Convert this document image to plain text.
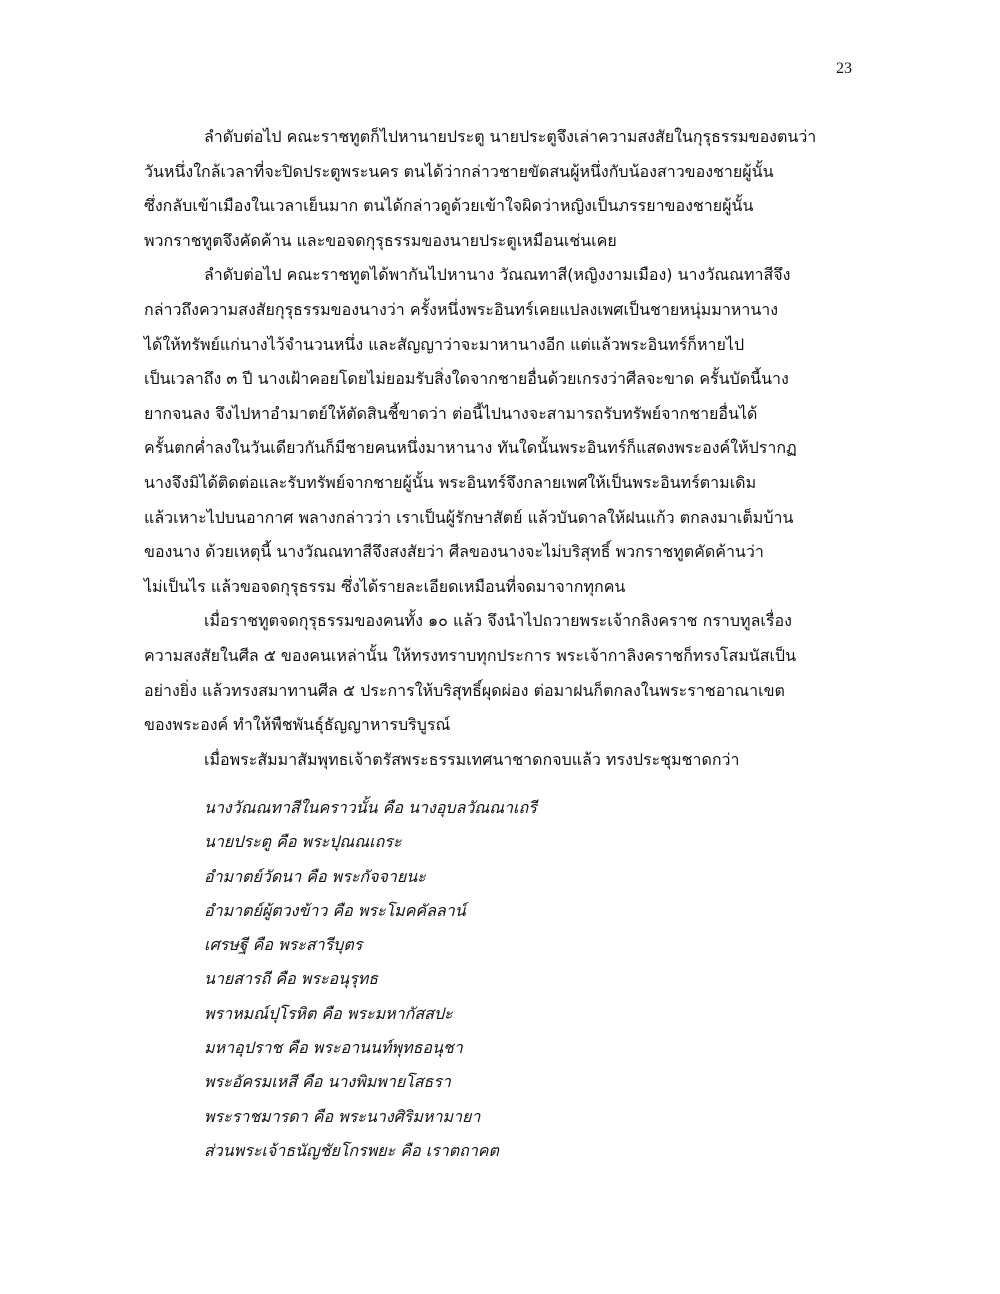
23
ลำดับต่อไป คณะราชทูตก็ไปหานายประตู นายประตูจึงเล่าความสงสัยในกุรุธรรมของตนว่า
วันหนึ่งใกล้เวลาที่จะปิดประตูพระนคร ตนได้ว่ากล่าวชายขัดสนผู้หนึ่งกับน้องสาวของชายผู้นั้น
ซึ่งกลับเข้าเมืองในเวลาเย็นมาก ตนได้กล่าวดูด้วยเข้าใจผิดว่าหญิงเป็นภรรยาของชายผู้นั้น
พวกราชทูตจึงคัดค้าน และขอจดกุรุธรรมของนายประตูเหมือนเช่นเคย
ลำดับต่อไป คณะราชทูตได้พากันไปหานาง วัณณทาสี(หญิงงามเมือง) นางวัณณทาสีจึง
กล่าวถึงความสงสัยกุรุธรรมของนางว่า ครั้งหนึ่งพระอินทร์เคยแปลงเพศเป็นชายหนุ่มมาหานาง
ได้ให้ทรัพย์แก่นางไว้จำนวนหนึ่ง และสัญญาว่าจะมาหานางอีก แต่แล้วพระอินทร์ก็หายไป
เป็นเวลาถึง ๓ ปี นางเฝ้าคอยโดยไม่ยอมรับสิ่งใดจากชายอื่นด้วยเกรงว่าศีลจะขาด ครั้นบัดนี้นาง
ยากจนลง จึงไปหาอำมาตย์ให้ตัดสินชี้ขาดว่า ต่อนี้ไปนางจะสามารถรับทรัพย์จากชายอื่นได้
ครั้นตกค่ำลงในวันเดียวกันก็มีชายคนหนึ่งมาหานาง ทันใดนั้นพระอินทร์ก็แสดงพระองค์ให้ปรากฏ
นางจึงมิได้ติดต่อและรับทรัพย์จากชายผู้นั้น พระอินทร์จึงกลายเพศให้เป็นพระอินทร์ตามเดิม
แล้วเหาะไปบนอากาศ พลางกล่าวว่า เราเป็นผู้รักษาสัตย์ แล้วบันดาลให้ฝนแก้ว ตกลงมาเต็มบ้าน
ของนาง ด้วยเหตุนี้ นางวัณณทาสีจึงสงสัยว่า ศีลของนางจะไม่บริสุทธิ์ พวกราชทูตคัดค้านว่า
ไม่เป็นไร แล้วขอจดกุรุธรรม ซึ่งได้รายละเอียดเหมือนที่จดมาจากทุกคน
เมื่อราชทูตจดกุรุธรรมของคนทั้ง ๑๐ แล้ว จึงนำไปถวายพระเจ้ากลิงคราช กราบทูลเรื่อง
ความสงสัยในศีล ๕ ของคนเหล่านั้น ให้ทรงทราบทุกประการ พระเจ้ากาลิงคราชก็ทรงโสมนัสเป็น
อย่างยิ่ง แล้วทรงสมาทานศีล ๕ ประการให้บริสุทธิ์ผุดผ่อง ต่อมาฝนก็ตกลงในพระราชอาณาเขต
ของพระองค์ ทำให้พืชพันธุ์ธัญญาหารบริบูรณ์
เมื่อพระสัมมาสัมพุทธเจ้าตรัสพระธรรมเทศนาชาดกจบแล้ว ทรงประชุมชาดกว่า
นางวัณณทาสีในคราวนั้น คือ นางอุบลวัณณาเถรี
นายประตู คือ พระปุณณเถระ
อำมาตย์วัดนา คือ พระกัจจายนะ
อำมาตย์ผู้ตวงข้าว คือ พระโมคคัลลาน์
เศรษฐี คือ พระสารีบุตร
นายสารถี คือ พระอนุรุทธ
พราหมณ์ปุโรหิต คือ พระมหากัสสปะ
มหาอุปราช คือ พระอานนท์พุทธอนุชา
พระอัครมเหสี คือ นางพิมพายโสธรา
พระราชมารดา คือ พระนางศิริมหามายา
ส่วนพระเจ้าธนัญชัยโกรพยะ คือ เราตถาคต
